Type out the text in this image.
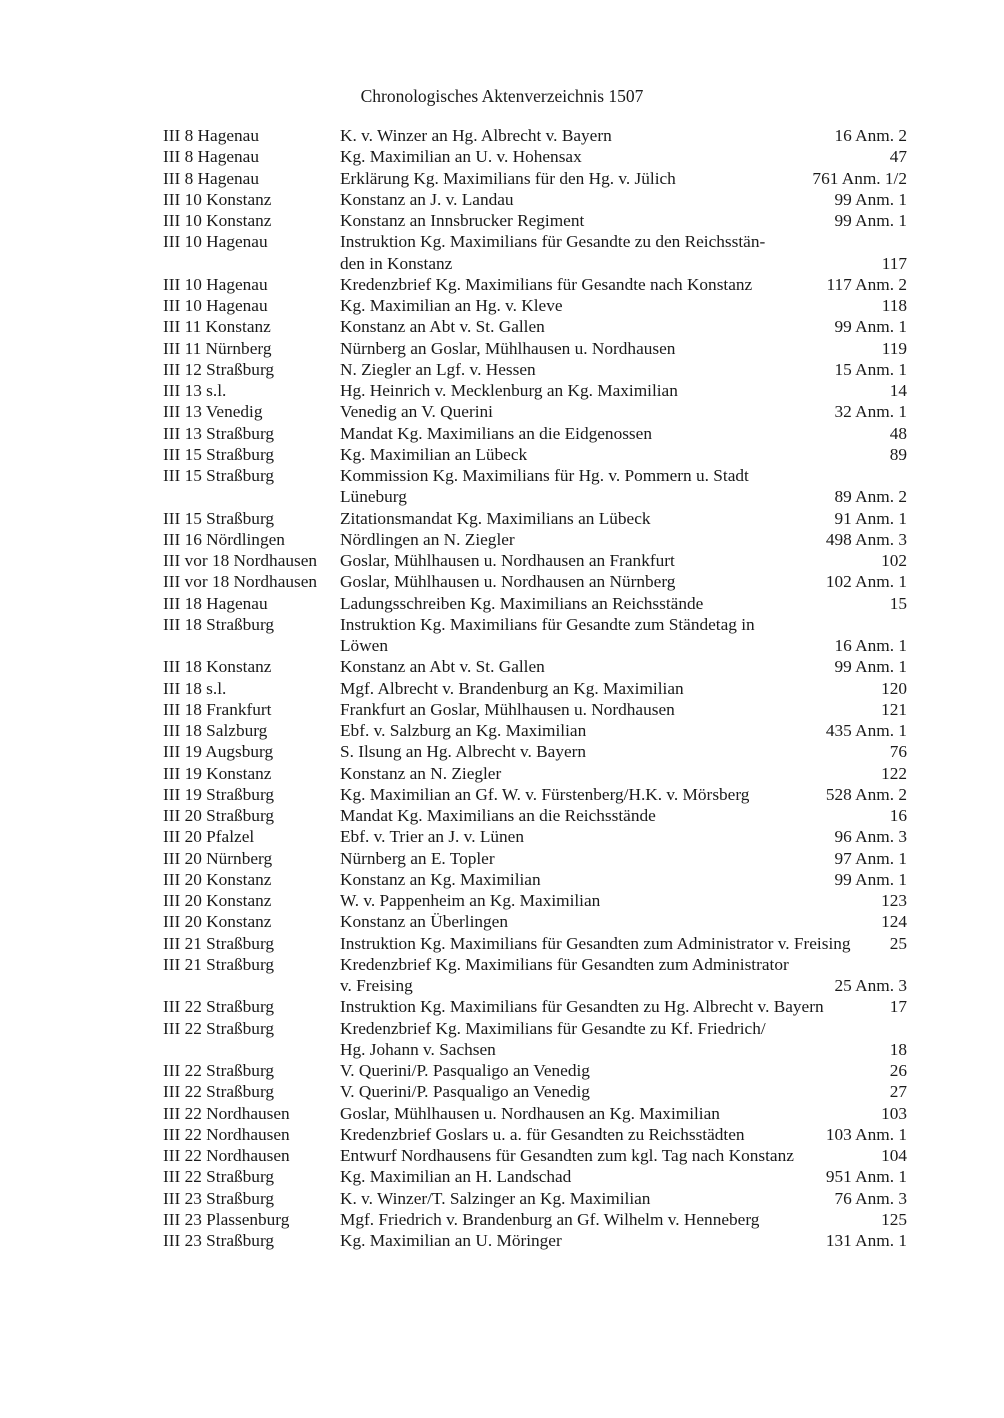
Chronologisches Aktenverzeichnis 1507
III 8 Hagenau	K. v. Winzer an Hg. Albrecht v. Bayern	16 Anm. 2
III 8 Hagenau	Kg. Maximilian an U. v. Hohensax	47
III 8 Hagenau	Erklärung Kg. Maximilians für den Hg. v. Jülich	761 Anm. 1/2
III 10 Konstanz	Konstanz an J. v. Landau	99 Anm. 1
III 10 Konstanz	Konstanz an Innsbrucker Regiment	99 Anm. 1
III 10 Hagenau	Instruktion Kg. Maximilians für Gesandte zu den Reichsstän-
den in Konstanz	117
III 10 Hagenau	Kredenzbrief Kg. Maximilians für Gesandte nach Konstanz	117 Anm. 2
III 10 Hagenau	Kg. Maximilian an Hg. v. Kleve	118
III 11 Konstanz	Konstanz an Abt v. St. Gallen	99 Anm. 1
III 11 Nürnberg	Nürnberg an Goslar, Mühlhausen u. Nordhausen	119
III 12 Straßburg	N. Ziegler an Lgf. v. Hessen	15 Anm. 1
III 13 s.l.	Hg. Heinrich v. Mecklenburg an Kg. Maximilian	14
III 13 Venedig	Venedig an V. Querini	32 Anm. 1
III 13 Straßburg	Mandat Kg. Maximilians an die Eidgenossen	48
III 15 Straßburg	Kg. Maximilian an Lübeck	89
III 15 Straßburg	Kommission Kg. Maximilians für Hg. v. Pommern u. Stadt
Lüneburg	89 Anm. 2
III 15 Straßburg	Zitationsmandat Kg. Maximilians an Lübeck	91 Anm. 1
III 16 Nördlingen	Nördlingen an N. Ziegler	498 Anm. 3
III vor 18 Nordhausen	Goslar, Mühlhausen u. Nordhausen an Frankfurt	102
III vor 18 Nordhausen	Goslar, Mühlhausen u. Nordhausen an Nürnberg	102 Anm. 1
III 18 Hagenau	Ladungsschreiben Kg. Maximilians an Reichsstände	15
III 18 Straßburg	Instruktion Kg. Maximilians für Gesandte zum Ständetag in
Löwen	16 Anm. 1
III 18 Konstanz	Konstanz an Abt v. St. Gallen	99 Anm. 1
III 18 s.l.	Mgf. Albrecht v. Brandenburg an Kg. Maximilian	120
III 18 Frankfurt	Frankfurt an Goslar, Mühlhausen u. Nordhausen	121
III 18 Salzburg	Ebf. v. Salzburg an Kg. Maximilian	435 Anm. 1
III 19 Augsburg	S. Ilsung an Hg. Albrecht v. Bayern	76
III 19 Konstanz	Konstanz an N. Ziegler	122
III 19 Straßburg	Kg. Maximilian an Gf. W. v. Fürstenberg/H.K. v. Mörsberg	528 Anm. 2
III 20 Straßburg	Mandat Kg. Maximilians an die Reichsstände	16
III 20 Pfalzel	Ebf. v. Trier an J. v. Lünen	96 Anm. 3
III 20 Nürnberg	Nürnberg an E. Topler	97 Anm. 1
III 20 Konstanz	Konstanz an Kg. Maximilian	99 Anm. 1
III 20 Konstanz	W. v. Pappenheim an Kg. Maximilian	123
III 20 Konstanz	Konstanz an Überlingen	124
III 21 Straßburg	Instruktion Kg. Maximilians für Gesandten zum Administrator v. Freising	25
III 21 Straßburg	Kredenzbrief Kg. Maximilians für Gesandten zum Administrator
v. Freising	25 Anm. 3
III 22 Straßburg	Instruktion Kg. Maximilians für Gesandten zu Hg. Albrecht v. Bayern	17
III 22 Straßburg	Kredenzbrief Kg. Maximilians für Gesandte zu Kf. Friedrich/
Hg. Johann v. Sachsen	18
III 22 Straßburg	V. Querini/P. Pasqualigo an Venedig	26
III 22 Straßburg	V. Querini/P. Pasqualigo an Venedig	27
III 22 Nordhausen	Goslar, Mühlhausen u. Nordhausen an Kg. Maximilian	103
III 22 Nordhausen	Kredenzbrief Goslars u. a. für Gesandten zu Reichsstädten	103 Anm. 1
III 22 Nordhausen	Entwurf Nordhausens für Gesandten zum kgl. Tag nach Konstanz	104
III 22 Straßburg	Kg. Maximilian an H. Landschad	951 Anm. 1
III 23 Straßburg	K. v. Winzer/T. Salzinger an Kg. Maximilian	76 Anm. 3
III 23 Plassenburg	Mgf. Friedrich v. Brandenburg an Gf. Wilhelm v. Henneberg	125
III 23 Straßburg	Kg. Maximilian an U. Möringer	131 Anm. 1
